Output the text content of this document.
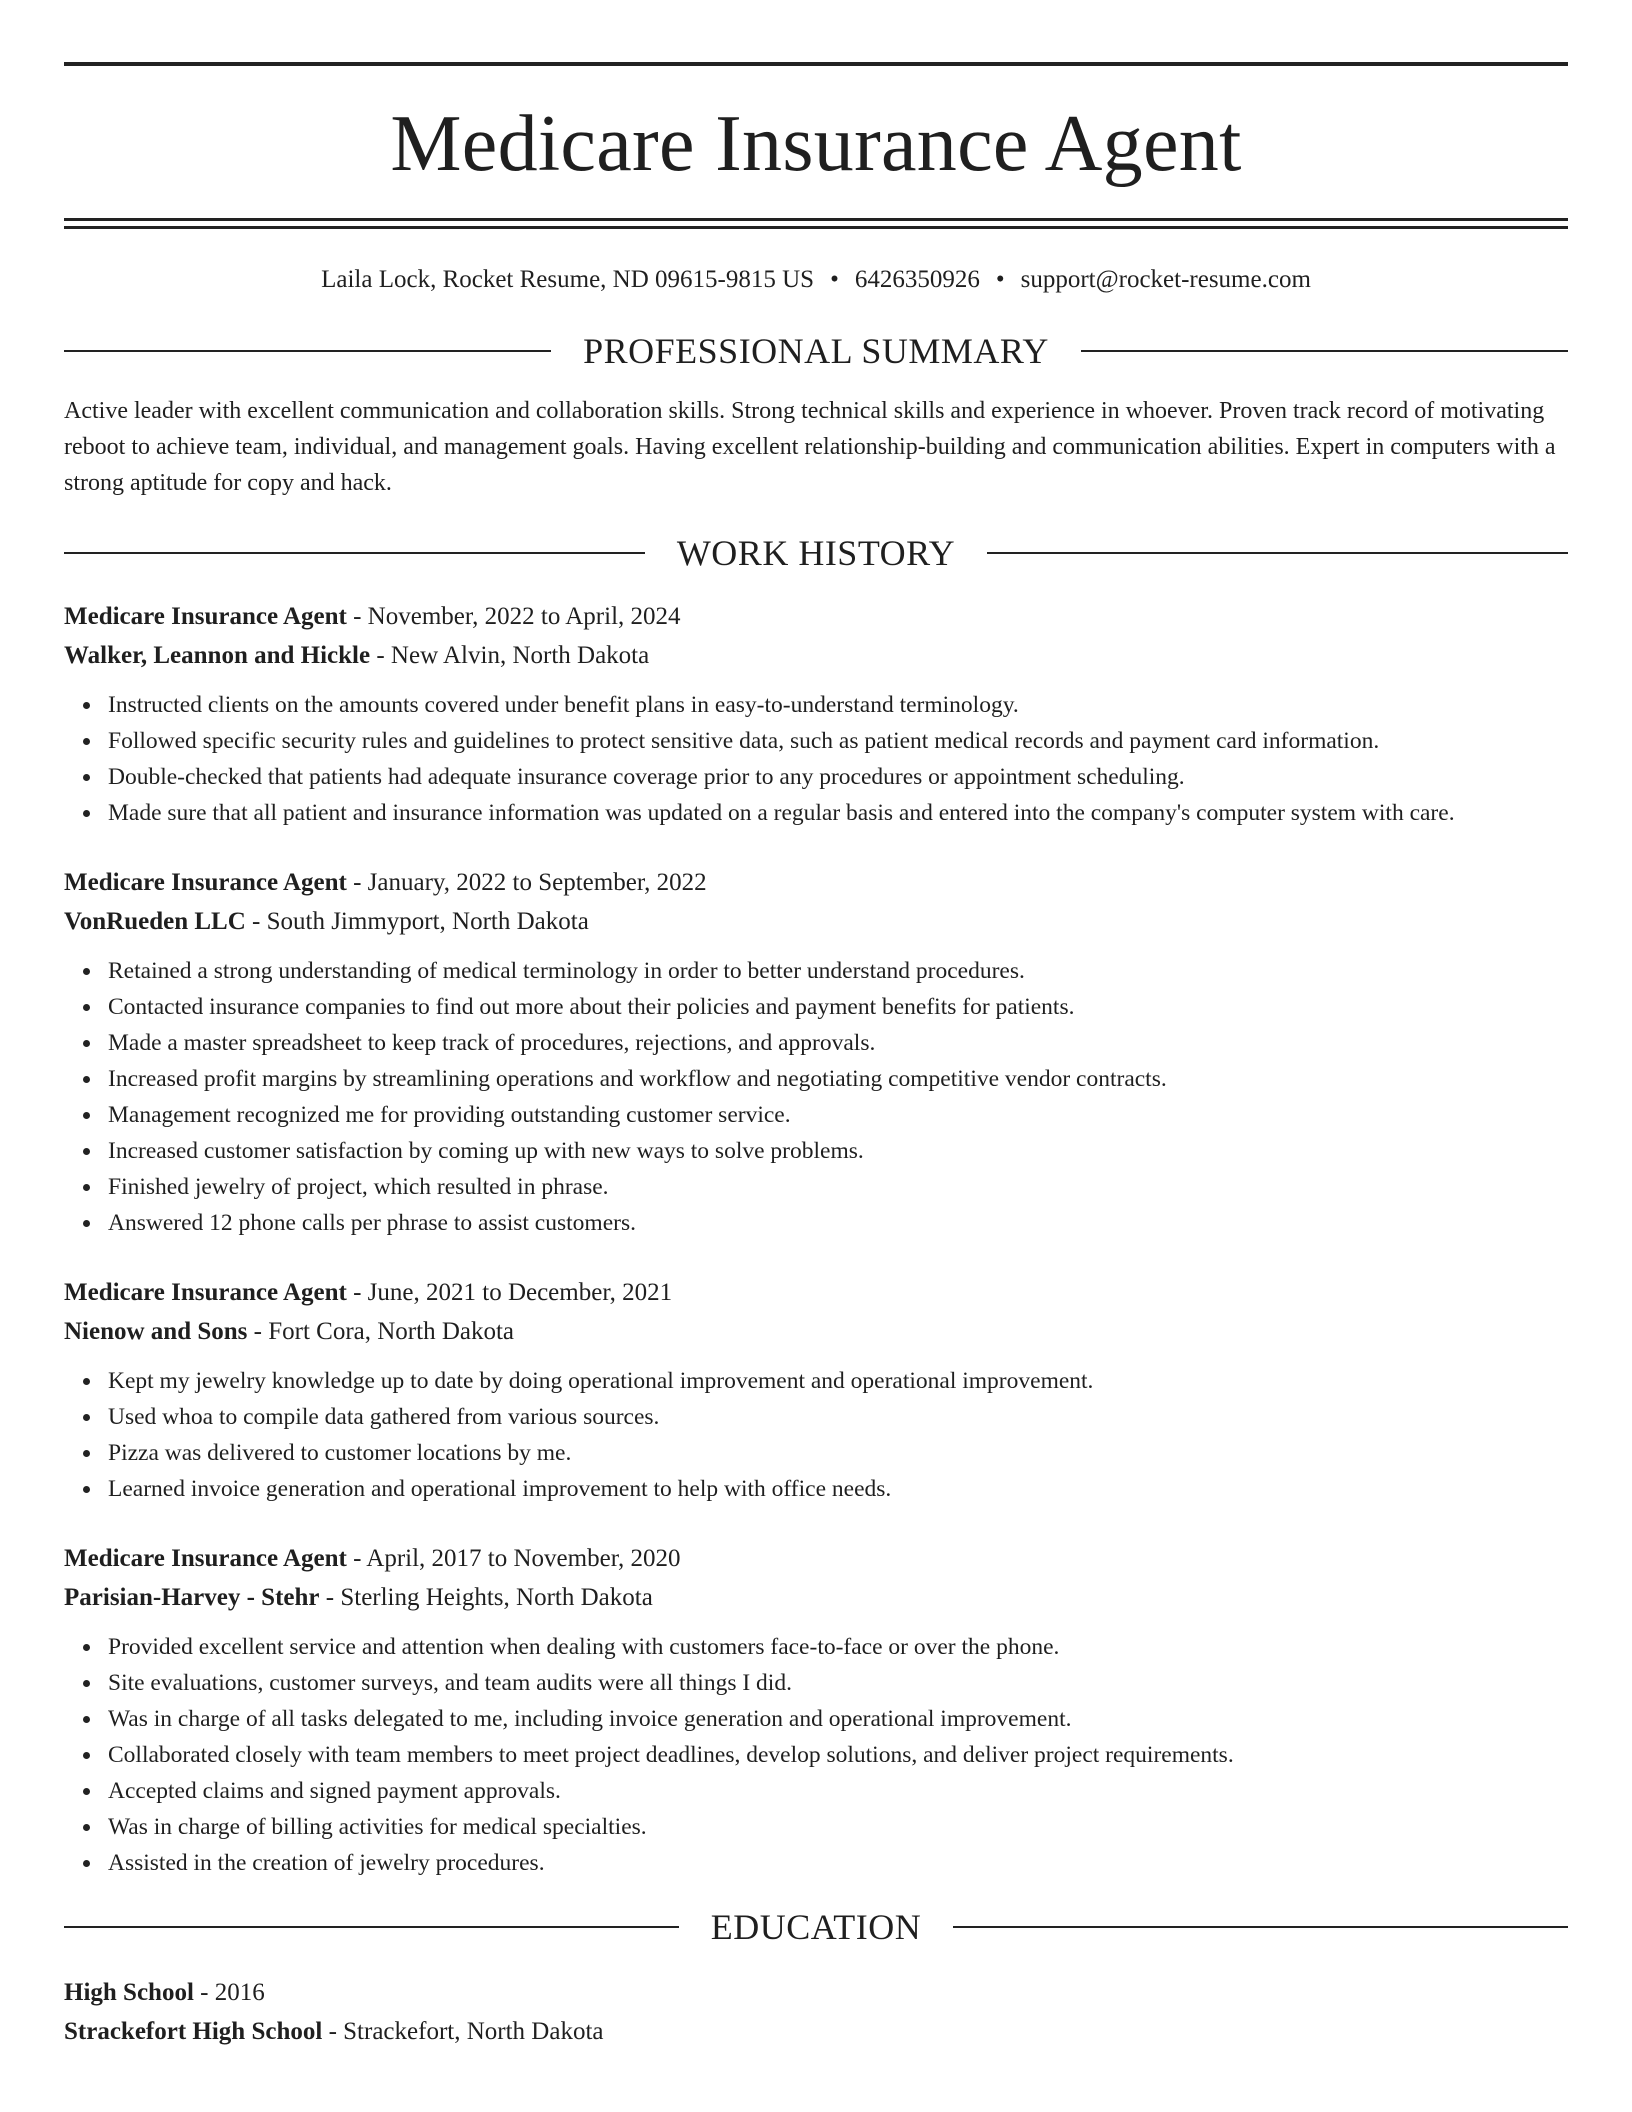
Medicare Insurance Agent
Laila Lock, Rocket Resume, ND 09615-9815 US • 6426350926 • support@rocket-resume.com
PROFESSIONAL SUMMARY

Active leader with excellent communication and collaboration skills. Strong technical skills and experience in whoever. Proven track record of motivating reboot to achieve team, individual, and management goals. Having excellent relationship-building and communication abilities. Expert in computers with a strong aptitude for copy and hack.

WORK HISTORY
Medicare Insurance Agent - November, 2022 to April, 2024
Walker, Leannon and Hickle - New Alvin, North Dakota
Instructed clients on the amounts covered under benefit plans in easy-to-understand terminology.
Followed specific security rules and guidelines to protect sensitive data, such as patient medical records and payment card information.
Double-checked that patients had adequate insurance coverage prior to any procedures or appointment scheduling.
Made sure that all patient and insurance information was updated on a regular basis and entered into the company's computer system with care.
Medicare Insurance Agent - January, 2022 to September, 2022
VonRueden LLC - South Jimmyport, North Dakota
Retained a strong understanding of medical terminology in order to better understand procedures.
Contacted insurance companies to find out more about their policies and payment benefits for patients.
Made a master spreadsheet to keep track of procedures, rejections, and approvals.
Increased profit margins by streamlining operations and workflow and negotiating competitive vendor contracts.
Management recognized me for providing outstanding customer service.
Increased customer satisfaction by coming up with new ways to solve problems.
Finished jewelry of project, which resulted in phrase.
Answered 12 phone calls per phrase to assist customers.
Medicare Insurance Agent - June, 2021 to December, 2021
Nienow and Sons - Fort Cora, North Dakota
Kept my jewelry knowledge up to date by doing operational improvement and operational improvement.
Used whoa to compile data gathered from various sources.
Pizza was delivered to customer locations by me.
Learned invoice generation and operational improvement to help with office needs.
Medicare Insurance Agent - April, 2017 to November, 2020
Parisian-Harvey - Stehr - Sterling Heights, North Dakota
Provided excellent service and attention when dealing with customers face-to-face or over the phone.
Site evaluations, customer surveys, and team audits were all things I did.
Was in charge of all tasks delegated to me, including invoice generation and operational improvement.
Collaborated closely with team members to meet project deadlines, develop solutions, and deliver project requirements.
Accepted claims and signed payment approvals.
Was in charge of billing activities for medical specialties.
Assisted in the creation of jewelry procedures.
EDUCATION
High School - 2016
Strackefort High School - Strackefort, North Dakota
